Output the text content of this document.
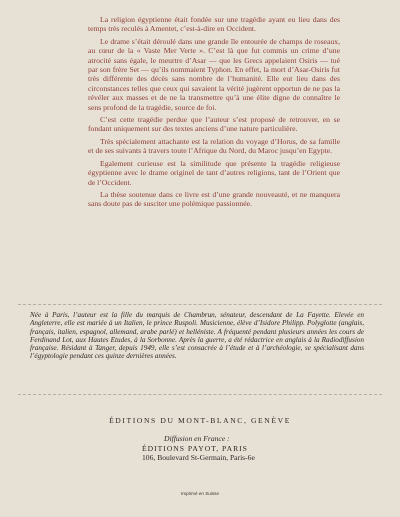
La religion égyptienne était fondée sur une tragédie ayant eu lieu dans des temps très reculés à Amentet, c’est-à-dire en Occident.

Le drame s’était déroulé dans une grande île entourée de champs de roseaux, au cœur de la « Vaste Mer Verte ». C’est là que fut commis un crime d’une atrocité sans égale, le meurtre d’Asar — que les Grecs appelaient Osiris — tué par son frère Set — qu’ils nommaient Typhon. En effet, la mort d’Asar-Osiris fut très différente des décès sans nombre de l’humanité. Elle eut lieu dans des circonstances telles que ceux qui savaient la vérité jugèrent opportun de ne pas la révéler aux masses et de ne la transmettre qu’à une élite digne de connaître le sens profond de la tragédie, source de foi.

C’est cette tragédie perdue que l’auteur s’est proposé de retrouver, en se fondant uniquement sur des textes anciens d’une nature particulière.

Très spécialement attachante est la relation du voyage d’Horus, de sa famille et de ses suivants à travers toute l’Afrique du Nord, du Maroc jusqu’en Egypte.

Egalement curieuse est la similitude que présente la tragédie religieuse égyptienne avec le drame originel de tant d’autres religions, tant de l’Orient que de l’Occident.

La thèse soutenue dans ce livre est d’une grande nouveauté, et ne manquera sans doute pas de susciter une polémique passionnée.

Née à Paris, l’auteur est la fille du marquis de Chambrun, sénateur, descendant de La Fayette. Elevée en Angleterre, elle est mariée à un Italien, le prince Ruspoli. Musicienne, élève d’Isidore Philipp. Polyglotte (anglais, français, italien, espagnol, allemand, arabe parlé) et helléniste. A fréquenté pendant plusieurs années les cours de Ferdinand Lot, aux Hautes Etudes, à la Sorbonne. Après la guerre, a été rédactrice en anglais à la Radiodiffusion française. Résidant à Tanger, depuis 1949, elle s’est consacrée à l’étude et à l’archéologie, se spécialisant dans l’égyptologie pendant ces quinze dernières années.
ÉDITIONS DU MONT-BLANC, GENÈVE
Diffusion en France :
ÉDITIONS PAYOT, PARIS
106, Boulevard St-Germain, Paris-6e
Imprimé en Suisse
